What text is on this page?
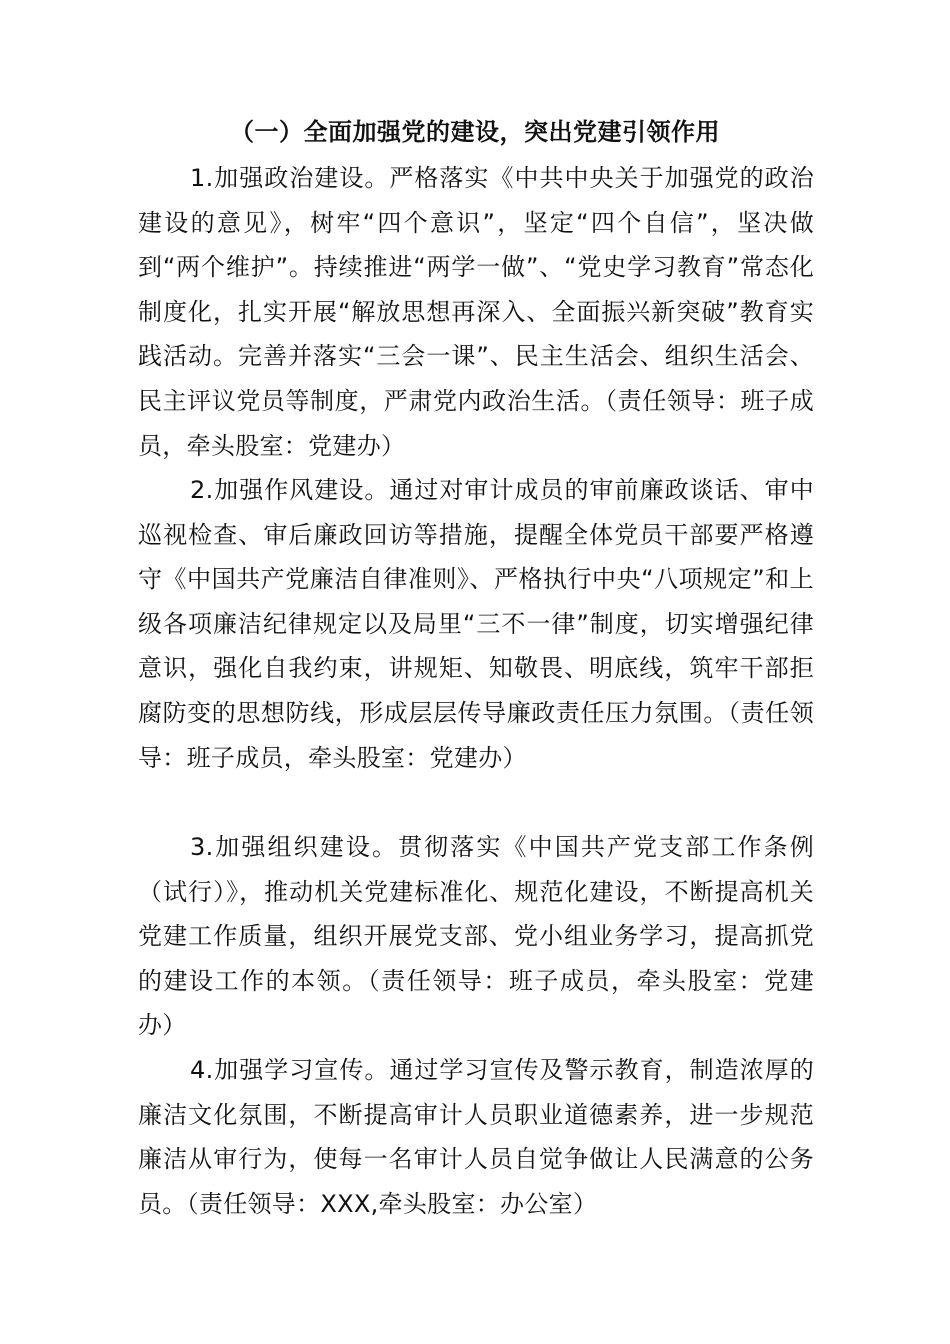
（一）全面加强党的建设，突出党建引领作用

1.加强政治建设。严格落实《中共中央关于加强党的政治建设的意见》，树牢“四个意识”，坚定“四个自信”，坚决做到“两个维护”。持续推进“两学一做”、“党史学习教育”常态化制度化，扎实开展“解放思想再深入、全面振兴新突破”教育实践活动。完善并落实“三会一课”、民主生活会、组织生活会、民主评议党员等制度，严肃党内政治生活。（责任领导：班子成员，牵头股室：党建办）

2.加强作风建设。通过对审计成员的审前廉政谈话、审中巡视检查、审后廉政回访等措施，提醒全体党员干部要严格遵守《中国共产党廉洁自律准则》、严格执行中央“八项规定”和上级各项廉洁纪律规定以及局里“三不一律”制度，切实增强纪律意识，强化自我约束，讲规矩、知敬畏、明底线，筑牢干部拒腐防变的思想防线，形成层层传导廉政责任压力氛围。（责任领导：班子成员，牵头股室：党建办）

3.加强组织建设。贯彻落实《中国共产党支部工作条例（试行）》，推动机关党建标准化、规范化建设，不断提高机关党建工作质量，组织开展党支部、党小组业务学习，提高抓党的建设工作的本领。（责任领导：班子成员，牵头股室：党建办）

4.加强学习宣传。通过学习宣传及警示教育，制造浓厚的廉洁文化氛围，不断提高审计人员职业道德素养，进一步规范廉洁从审行为，使每一名审计人员自觉争做让人民满意的公务员。（责任领导：XXX,牵头股室：办公室）
